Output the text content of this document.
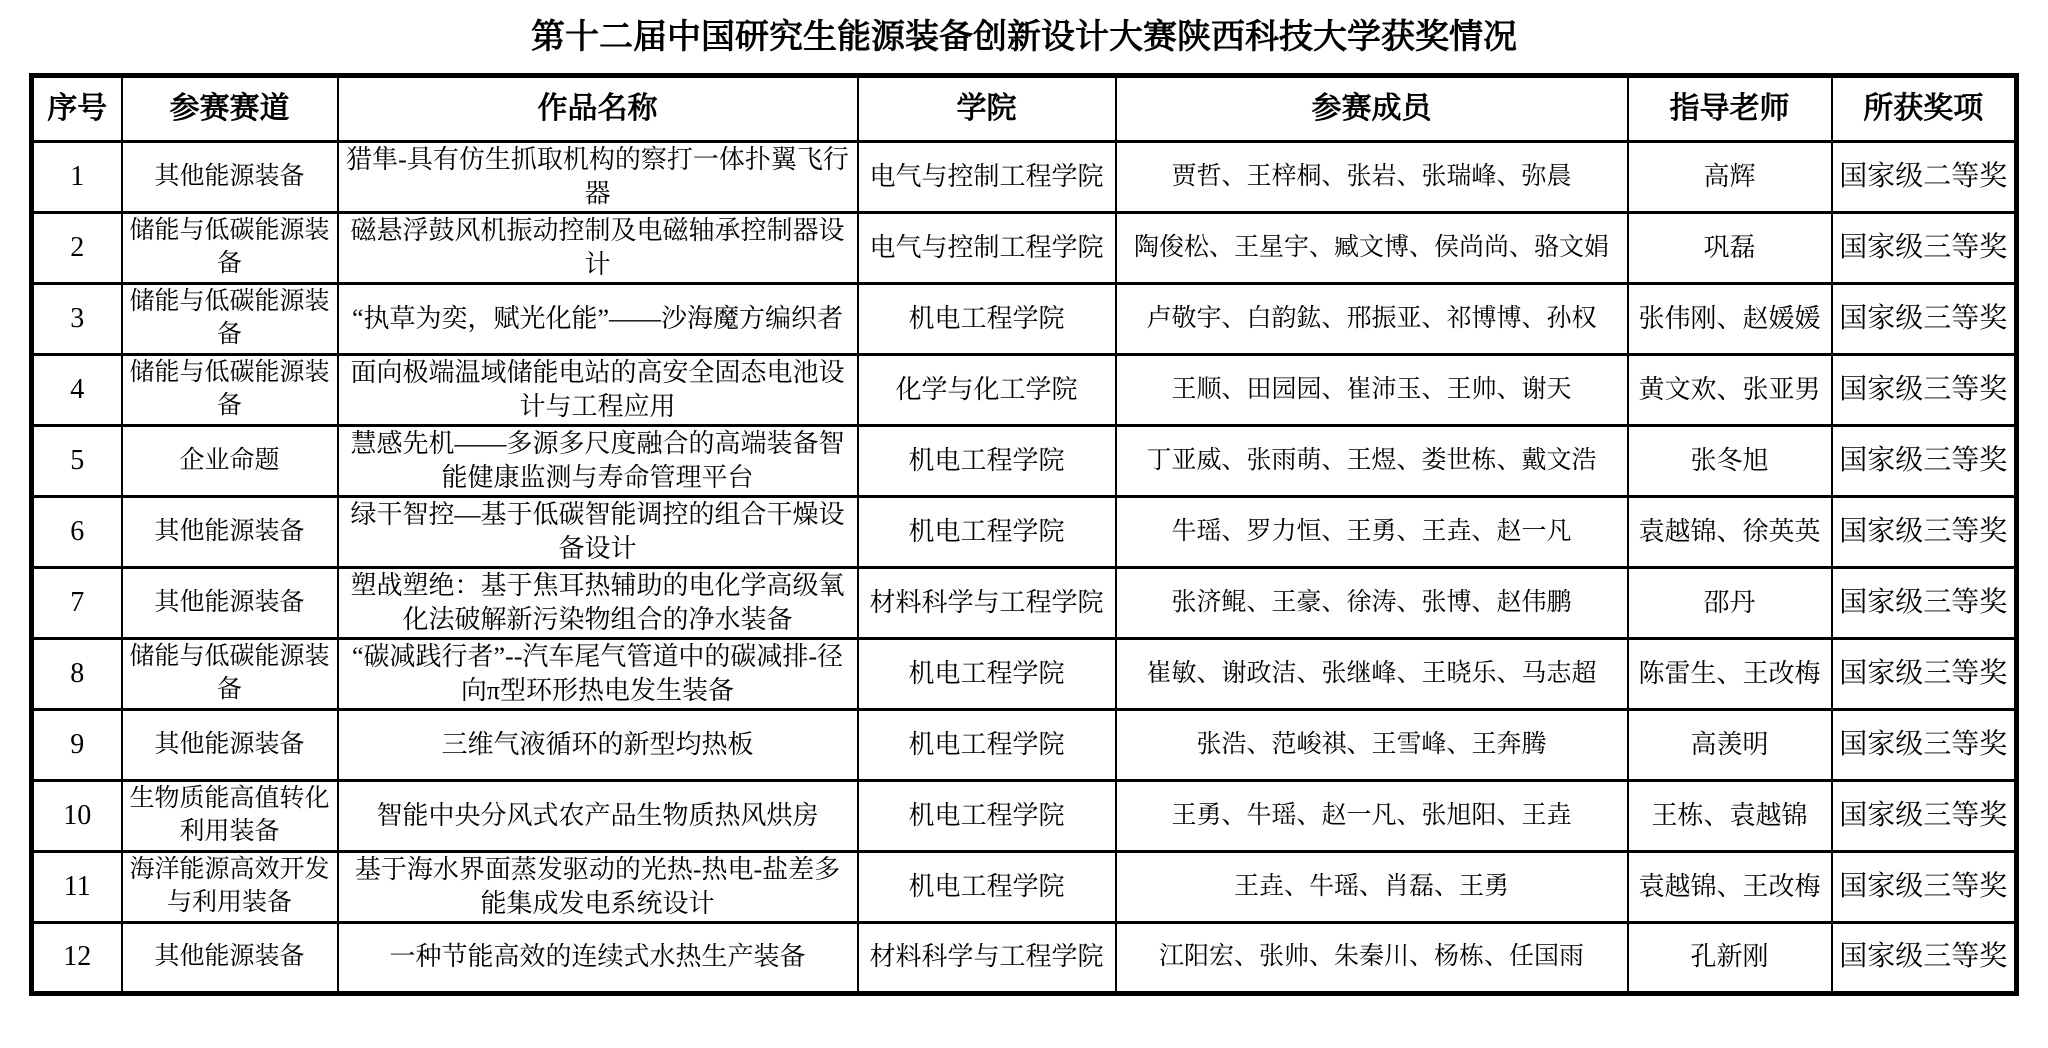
第十二届中国研究生能源装备创新设计大赛陕西科技大学获奖情况
序号	参赛赛道	作品名称	学院	参赛成员	指导老师	所获奖项
1	其他能源装备	猎隼-具有仿生抓取机构的察打一体扑翼飞行器	电气与控制工程学院	贾哲、王梓桐、张岩、张瑞峰、弥晨	高辉	国家级二等奖
2	储能与低碳能源装备	磁悬浮鼓风机振动控制及电磁轴承控制器设计	电气与控制工程学院	陶俊松、王星宇、臧文博、侯尚尚、骆文娟	巩磊	国家级三等奖
3	储能与低碳能源装备	“执草为奕，赋光化能”——沙海魔方编织者	机电工程学院	卢敬宇、白韵鈜、邢振亚、祁博博、孙权	张伟刚、赵媛媛	国家级三等奖
4	储能与低碳能源装备	面向极端温域储能电站的高安全固态电池设计与工程应用	化学与化工学院	王顺、田园园、崔沛玉、王帅、谢天	黄文欢、张亚男	国家级三等奖
5	企业命题	慧感先机——多源多尺度融合的高端装备智能健康监测与寿命管理平台	机电工程学院	丁亚威、张雨萌、王煜、娄世栋、戴文浩	张冬旭	国家级三等奖
6	其他能源装备	绿干智控—基于低碳智能调控的组合干燥设备设计	机电工程学院	牛瑶、罗力恒、王勇、王垚、赵一凡	袁越锦、徐英英	国家级三等奖
7	其他能源装备	塑战塑绝：基于焦耳热辅助的电化学高级氧化法破解新污染物组合的净水装备	材料科学与工程学院	张济鲲、王豪、徐涛、张博、赵伟鹏	邵丹	国家级三等奖
8	储能与低碳能源装备	“碳减践行者”--汽车尾气管道中的碳减排-径向π型环形热电发生装备	机电工程学院	崔敏、谢政洁、张继峰、王晓乐、马志超	陈雷生、王改梅	国家级三等奖
9	其他能源装备	三维气液循环的新型均热板	机电工程学院	张浩、范峻祺、王雪峰、王奔腾	高羡明	国家级三等奖
10	生物质能高值转化利用装备	智能中央分风式农产品生物质热风烘房	机电工程学院	王勇、牛瑶、赵一凡、张旭阳、王垚	王栋、袁越锦	国家级三等奖
11	海洋能源高效开发与利用装备	基于海水界面蒸发驱动的光热-热电-盐差多能集成发电系统设计	机电工程学院	王垚、牛瑶、肖磊、王勇	袁越锦、王改梅	国家级三等奖
12	其他能源装备	一种节能高效的连续式水热生产装备	材料科学与工程学院	江阳宏、张帅、朱秦川、杨栋、任国雨	孔新刚	国家级三等奖
